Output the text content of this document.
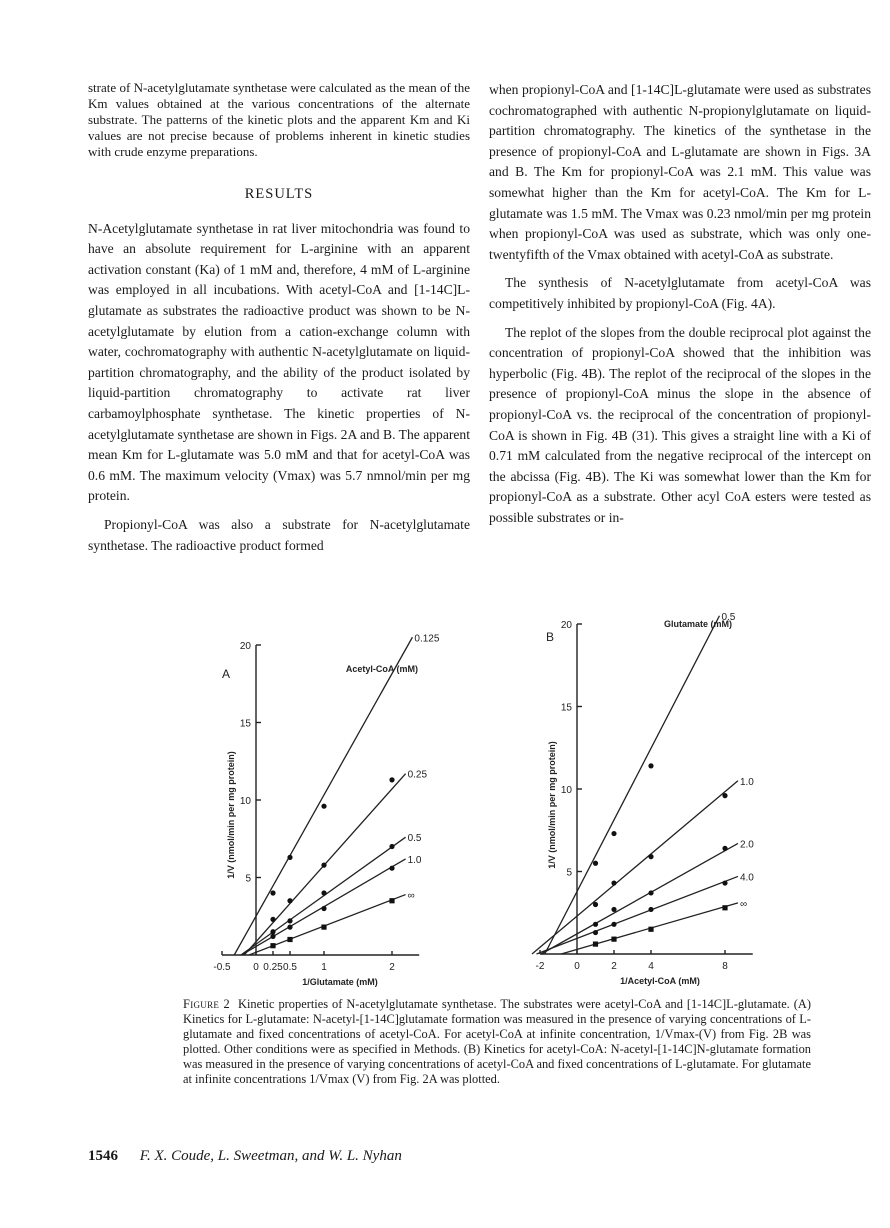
strate of N-acetylglutamate synthetase were calculated as the mean of the Km values obtained at the various concentrations of the alternate substrate. The patterns of the kinetic plots and the apparent Km and Ki values are not precise because of problems inherent in kinetic studies with crude enzyme preparations.

RESULTS

N-Acetylglutamate synthetase in rat liver mitochondria was found to have an absolute requirement for L-arginine with an apparent activation constant (Ka) of 1 mM and, therefore, 4 mM of L-arginine was employed in all incubations. With acetyl-CoA and [1-14C]L-glutamate as substrates the radioactive product was shown to be N-acetylglutamate by elution from a cation-exchange column with water, cochromatography with authentic N-acetylglutamate on liquid-partition chromatography, and the ability of the product isolated by liquid-partition chromatography to activate rat liver carbamoylphosphate synthetase. The kinetic properties of N-acetylglutamate synthetase are shown in Figs. 2A and B. The apparent mean Km for L-glutamate was 5.0 mM and that for acetyl-CoA was 0.6 mM. The maximum velocity (Vmax) was 5.7 nmnol/min per mg protein.

Propionyl-CoA was also a substrate for N-acetylglutamate synthetase. The radioactive product formed

when propionyl-CoA and [1-14C]L-glutamate were used as substrates cochromatographed with authentic N-propionylglutamate on liquid-partition chromatography. The kinetics of the synthetase in the presence of propionyl-CoA and L-glutamate are shown in Figs. 3A and B. The Km for propionyl-CoA was 2.1 mM. This value was somewhat higher than the Km for acetyl-CoA. The Km for L-glutamate was 1.5 mM. The Vmax was 0.23 nmol/min per mg protein when propionyl-CoA was used as substrate, which was only one-twentyfifth of the Vmax obtained with acetyl-CoA as substrate.

The synthesis of N-acetylglutamate from acetyl-CoA was competitively inhibited by propionyl-CoA (Fig. 4A).

The replot of the slopes from the double reciprocal plot against the concentration of propionyl-CoA showed that the inhibition was hyperbolic (Fig. 4B). The replot of the reciprocal of the slopes in the presence of propionyl-CoA minus the slope in the absence of propionyl-CoA vs. the reciprocal of the concentration of propionyl-CoA is shown in Fig. 4B (31). This gives a straight line with a Ki of 0.71 mM calculated from the negative reciprocal of the intercept on the abcissa (Fig. 4B). The Ki was somewhat lower than the Km for propionyl-CoA as a substrate. Other acyl CoA esters were tested as possible substrates or in-

-0.5 0 0.25 0.5 1	2
5
10
15
20
1/Glutamate (mM)
1/V (nmol/min per mg protein)
A	Acetyl-CoA (mM)
0.125
0.25
0.5
1.0
∞
-2	0	2	4	8
5
10
15
20
1/Acetyl-CoA (mM)
1/V (nmol/min per mg protein)
B
Glutamate (mM)
0.5
1.0
2.0
4.0
∞
Figure 2 Kinetic properties of N-acetylglutamate synthetase. The substrates were acetyl-CoA and [1-14C]L-glutamate. (A) Kinetics for L-glutamate: N-acetyl-[1-14C]glutamate formation was measured in the presence of varying concentrations of L-glutamate and fixed concentrations of acetyl-CoA. For acetyl-CoA at infinite concentration, 1/Vmax-(V) from Fig. 2B was plotted. Other conditions were as specified in Methods. (B) Kinetics for acetyl-CoA: N-acetyl-[1-14C]N-glutamate formation was measured in the presence of varying concentrations of acetyl-CoA and fixed concentrations of L-glutamate. For glutamate at infinite concentrations 1/Vmax (V) from Fig. 2A was plotted.
1546 F. X. Coude, L. Sweetman, and W. L. Nyhan
